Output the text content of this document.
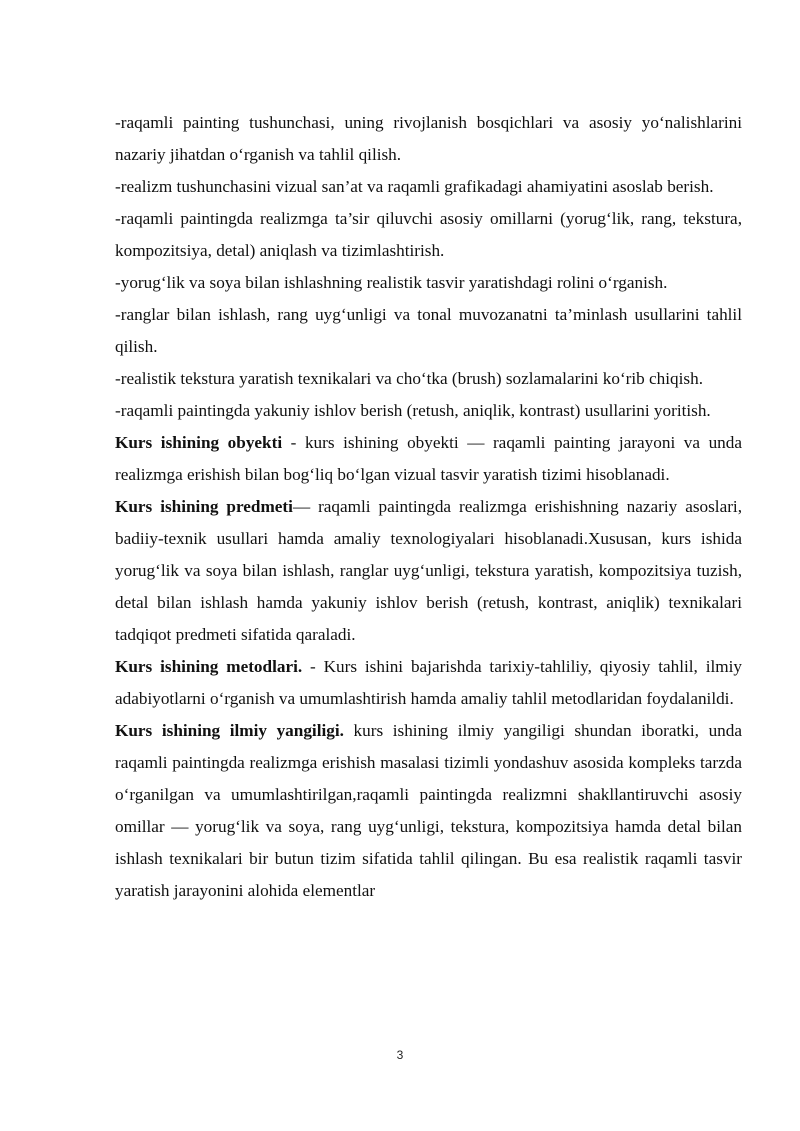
-raqamli painting tushunchasi, uning rivojlanish bosqichlari va asosiy yo‘nalishlarini nazariy jihatdan o‘rganish va tahlil qilish.

-realizm tushunchasini vizual san’at va raqamli grafikadagi ahamiyatini asoslab berish.

-raqamli paintingda realizmga ta’sir qiluvchi asosiy omillarni (yorug‘lik, rang, tekstura, kompozitsiya, detal) aniqlash va tizimlashtirish.

-yorug‘lik va soya bilan ishlashning realistik tasvir yaratishdagi rolini o‘rganish.

-ranglar bilan ishlash, rang uyg‘unligi va tonal muvozanatni ta’minlash usullarini tahlil qilish.

-realistik tekstura yaratish texnikalari va cho‘tka (brush) sozlamalarini ko‘rib chiqish.

-raqamli paintingda yakuniy ishlov berish (retush, aniqlik, kontrast) usullarini yoritish.

Kurs ishining obyekti - kurs ishining obyekti — raqamli painting jarayoni va unda realizmga erishish bilan bog‘liq bo‘lgan vizual tasvir yaratish tizimi hisoblanadi.

Kurs ishining predmeti— raqamli paintingda realizmga erishishning nazariy asoslari, badiiy-texnik usullari hamda amaliy texnologiyalari hisoblanadi.Xususan, kurs ishida yorug‘lik va soya bilan ishlash, ranglar uyg‘unligi, tekstura yaratish, kompozitsiya tuzish, detal bilan ishlash hamda yakuniy ishlov berish (retush, kontrast, aniqlik) texnikalari tadqiqot predmeti sifatida qaraladi.

Kurs ishining metodlari. - Kurs ishini bajarishda tarixiy-tahliliy, qiyosiy tahlil, ilmiy adabiyotlarni o‘rganish va umumlashtirish hamda amaliy tahlil metodlaridan foydalanildi.

Kurs ishining ilmiy yangiligi. kurs ishining ilmiy yangiligi shundan iboratki, unda raqamli paintingda realizmga erishish masalasi tizimli yondashuv asosida kompleks tarzda o‘rganilgan va umumlashtirilgan,raqamli paintingda realizmni shakllantiruvchi asosiy omillar — yorug‘lik va soya, rang uyg‘unligi, tekstura, kompozitsiya hamda detal bilan ishlash texnikalari bir butun tizim sifatida tahlil qilingan. Bu esa realistik raqamli tasvir yaratish jarayonini alohida elementlar

3
